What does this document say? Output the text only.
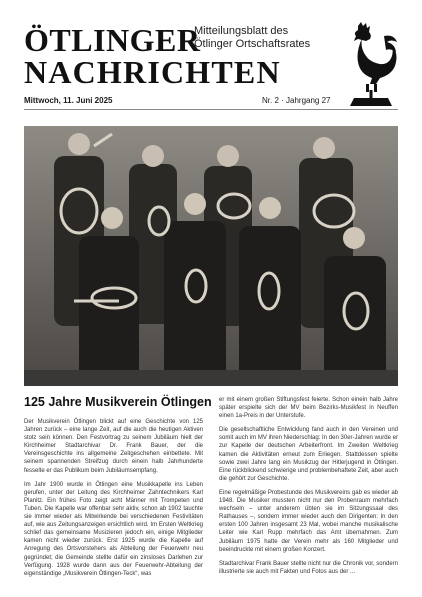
ÖTLINGER
NACHRICHTEN
Mitteilungsblatt des
Ötlinger Ortschaftsrates
Mittwoch, 11. Juni 2025	Nr. 2 · Jahrgang 27
125 Jahre Musikverein Ötlingen

Der Musikverein Ötlingen blickt auf eine Geschichte von 125 Jahren zurück – eine lange Zeit, auf die auch die heutigen Aktiven stolz sein können. Den Festvortrag zu seinem Jubiläum hielt der Kirchheimer Stadtarchivar Dr. Frank Bauer, der die Vereinsgeschichte ins allgemeine Zeitgeschehen einbettete. Mit seinem spannenden Streifzug durch einein halb Jahrhunderte fesselte er das Publikum beim Jubiläumsempfang.

Im Jahr 1900 wurde in Ötlingen eine Musikkapelle ins Leben gerufen, unter der Leitung des Kirchheimer Zahntechnikers Karl Planitz. Ein frühes Foto zeigt acht Männer mit Trompeten und Tuben. Die Kapelle war offenbar sehr aktiv, schon ab 1902 tauchte sie immer wieder als Mitwirkende bei verschiedenen Festivitäten auf, wie aus Zeitungsanzeigen ersichtlich wird. Im Ersten Weltkrieg schlief das gemeinsame Musizieren jedoch ein, einige Mitglieder kamen nicht wieder zurück. Erst 1925 wurde die Kapelle auf Anregung des Ortsvorstehers als Abteilung der Feuerwehr neu gegründet; die Gemeinde stellte dafür ein zinsloses Darlehen zur Verfügung. 1928 wurde dann aus der Feuerwehr-Abteilung der eigenständige „Musikverein Ötlingen-Teck“, was

er mit einem großen Stiftungsfest feierte. Schon einein halb Jahre später erspielte sich der MV beim Bezirks-Musikfest in Neuffen einen 1a-Preis in der Unterstufe.

Die gesellschaftliche Entwicklung fand auch in den Vereinen und somit auch im MV ihren Niederschlag: In den 30er-Jahren wurde er zur Kapelle der deutschen Arbeiterfront. Im Zweiten Weltkrieg kamen die Aktivitäten erneut zum Erliegen. Stattdessen spielte sowie zwei Jahre lang ein Musikzug der Hitlerjugend in Ötlingen. Eine rückblickend schwierige und problembehaftete Zeit, aber auch die gehört zur Geschichte.

Eine regelmäßige Probestunde des Musikvereins gab es wieder ab 1948. Die Musiker mussten nicht nur den Probenraum mehrfach wechseln – unter anderem übten sie im Sitzungssaal des Rathauses –, sondern immer wieder auch den Dirigenten: In den ersten 100 Jahren insgesamt 23 Mal, wobei manche musikalische Leiter wie Karl Rupp mehrfach das Amt übernahmen. Zum Jubiläum 1975 hatte der Verein mehr als 160 Mitglieder und beeindruckte mit einem großen Konzert.

Stadtarchivar Frank Bauer stellte nicht nur die Chronik vor, sondern illustrierte sie auch mit Fakten und Fotos aus der ...
